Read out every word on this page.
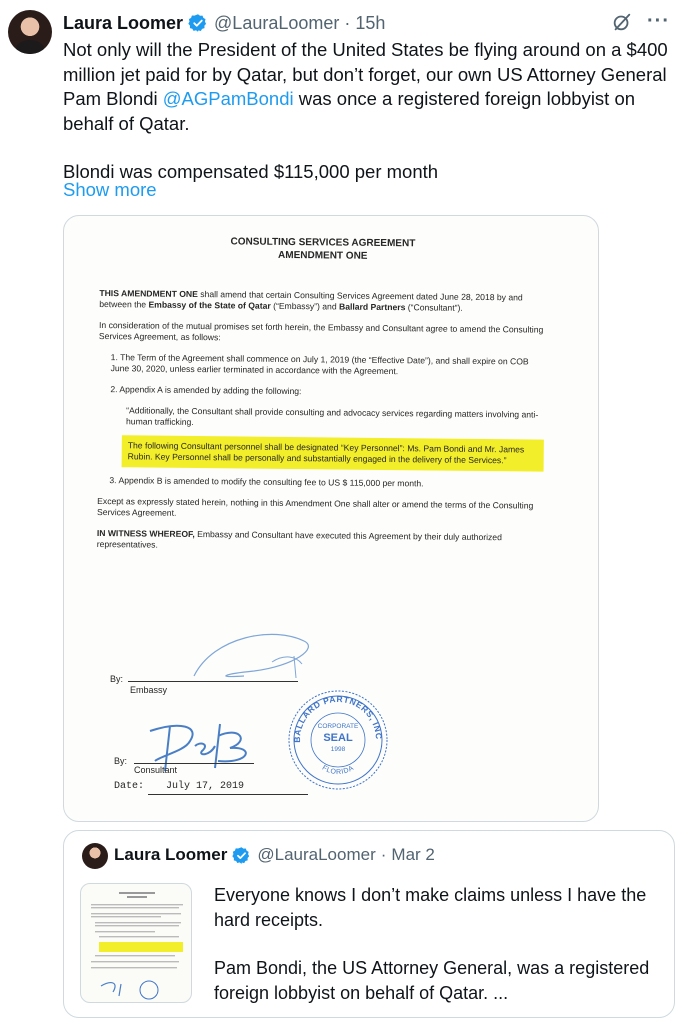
Laura Loomer @LauraLoomer · 15h	···

Not only will the President of the United States be flying around on a $400 million jet paid for by Qatar, but don’t forget, our own US Attorney General Pam Blondi @AGPamBondi was once a registered foreign lobbyist on behalf of Qatar.

Blondi was compensated $115,000 per month

Show more
CONSULTING SERVICES AGREEMENT
AMENDMENT ONE

THIS AMENDMENT ONE shall amend that certain Consulting Services Agreement dated June 28, 2018 by and between the Embassy of the State of Qatar (“Embassy”) and Ballard Partners (“Consultant”).

In consideration of the mutual promises set forth herein, the Embassy and Consultant agree to amend the Consulting Services Agreement, as follows:

1. The Term of the Agreement shall commence on July 1, 2019 (the “Effective Date”), and shall expire on COB June 30, 2020, unless earlier terminated in accordance with the Agreement.

2. Appendix A is amended by adding the following:

“Additionally, the Consultant shall provide consulting and advocacy services regarding matters involving anti-human trafficking.

The following Consultant personnel shall be designated “Key Personnel”: Ms. Pam Bondi and Mr. James Rubin. Key Personnel shall be personally and substantially engaged in the delivery of the Services.”

3. Appendix B is amended to modify the consulting fee to US $ 115,000 per month.

Except as expressly stated herein, nothing in this Amendment One shall alter or amend the terms of the Consulting Services Agreement.

IN WITNESS WHEREOF, Embassy and Consultant have executed this Agreement by their duly authorized representatives.

By:
Embassy
By:
Consultant
Date: July 17, 2019
BALLARD PARTNERS, INC
CORPORATE
SEAL
1998
FLORIDA
Laura Loomer @LauraLoomer · Mar 2

Everyone knows I don’t make claims unless I have the hard receipts.

Pam Bondi, the US Attorney General, was a registered foreign lobbyist on behalf of Qatar. ...
